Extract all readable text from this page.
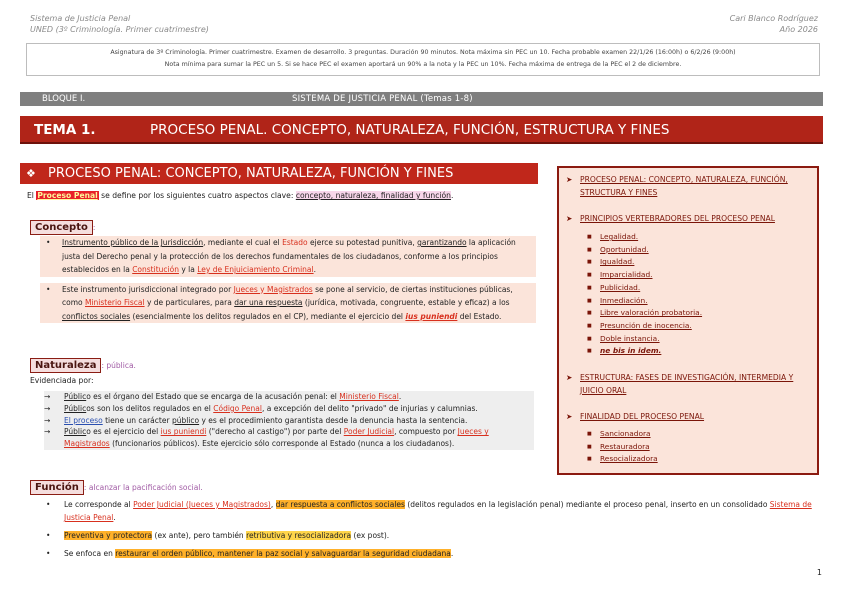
Sistema de Justicia Penal
UNED (3º Criminología. Primer cuatrimestre)
Cari Blanco Rodríguez
Año 2026
Asignatura de 3º Criminología. Primer cuatrimestre. Examen de desarrollo. 3 preguntas. Duración 90 minutos. Nota máxima sin PEC un 10. Fecha probable examen 22/1/26 (16:00h) o 6/2/26 (9:00h)
Nota mínima para sumar la PEC un 5. Si se hace PEC el examen aportará un 90% a la nota y la PEC un 10%. Fecha máxima de entrega de la PEC el 2 de diciembre.
BLOQUE I.	SISTEMA DE JUSTICIA PENAL (Temas 1-8)
TEMA 1.	PROCESO PENAL. CONCEPTO, NATURALEZA, FUNCIÓN, ESTRUCTURA Y FINES
❖ PROCESO PENAL: CONCEPTO, NATURALEZA, FUNCIÓN Y FINES
El Proceso Penal se define por los siguientes cuatro aspectos clave: concepto, naturaleza, finalidad y función.
Concepto :
• Instrumento público de la Jurisdicción, mediante el cual el Estado ejerce su potestad punitiva, garantizando la aplicación justa del Derecho penal y la protección de los derechos fundamentales de los ciudadanos, conforme a los principios establecidos en la Constitución y la Ley de Enjuiciamiento Criminal.
• Este instrumento jurisdiccional integrado por Jueces y Magistrados se pone al servicio, de ciertas instituciones públicas, como Ministerio Fiscal y de particulares, para dar una respuesta (jurídica, motivada, congruente, estable y eficaz) a los conflictos sociales (esencialmente los delitos regulados en el CP), mediante el ejercicio del ius puniendi del Estado.
Naturaleza : pública.
Evidenciada por:
→ Público es el órgano del Estado que se encarga de la acusación penal: el Ministerio Fiscal.
→ Públicos son los delitos regulados en el Código Penal, a excepción del delito "privado" de injurias y calumnias.
→ El proceso tiene un carácter público y es el procedimiento garantista desde la denuncia hasta la sentencia.
→ Público es el ejercicio del ius puniendi ("derecho al castigo") por parte del Poder Judicial, compuesto por Jueces y Magistrados (funcionarios públicos). Este ejercicio sólo corresponde al Estado (nunca a los ciudadanos).
Función : alcanzar la pacificación social.
• Le corresponde al Poder Judicial (Jueces y Magistrados), dar respuesta a conflictos sociales (delitos regulados en la legislación penal) mediante el proceso penal, inserto en un consolidado Sistema de Justicia Penal.
• Preventiva y protectora (ex ante), pero también retributiva y resocializadora (ex post).
• Se enfoca en restaurar el orden público, mantener la paz social y salvaguardar la seguridad ciudadana.
➤	PROCESO PENAL: CONCEPTO, NATURALEZA, FUNCIÓN, STRUCTURA Y FINES
➤	PRINCIPIOS VERTEBRADORES DEL PROCESO PENAL
■ Legalidad.
■ Oportunidad.
■ Igualdad.
■ Imparcialidad.
■ Publicidad.
■ Inmediación.
■ Libre valoración probatoria.
■ Presunción de inocencia.
■ Doble instancia.
■ ne bis in idem.
➤	ESTRUCTURA: FASES DE INVESTIGACIÓN, INTERMEDIA Y JUICIO ORAL
➤	FINALIDAD DEL PROCESO PENAL
■ Sancionadora
■ Restauradora
■ Resocializadora
1
